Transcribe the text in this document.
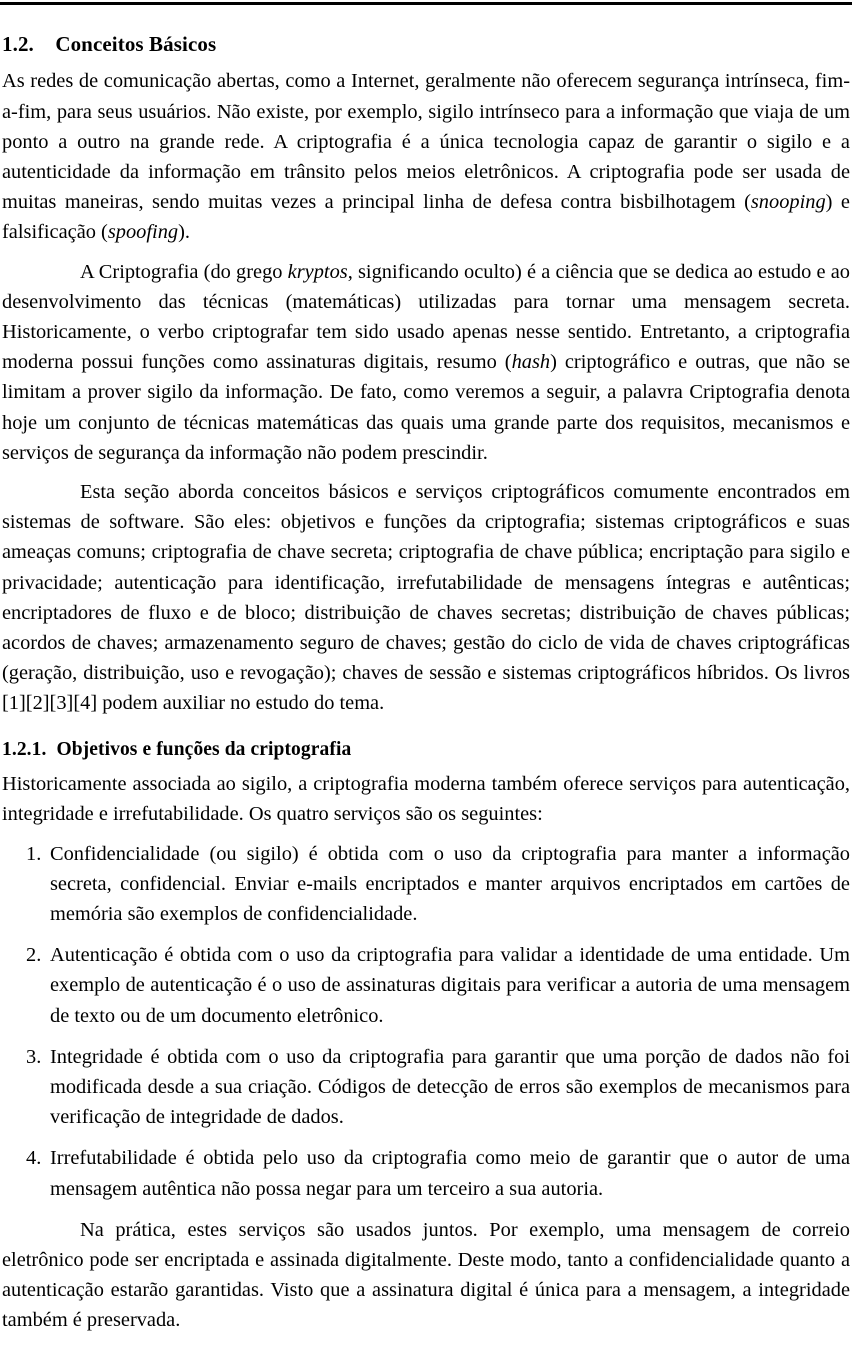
1.2. Conceitos Básicos

As redes de comunicação abertas, como a Internet, geralmente não oferecem segurança intrínseca, fim-a-fim, para seus usuários. Não existe, por exemplo, sigilo intrínseco para a informação que viaja de um ponto a outro na grande rede. A criptografia é a única tecnologia capaz de garantir o sigilo e a autenticidade da informação em trânsito pelos meios eletrônicos. A criptografia pode ser usada de muitas maneiras, sendo muitas vezes a principal linha de defesa contra bisbilhotagem (snooping) e falsificação (spoofing).

A Criptografia (do grego kryptos, significando oculto) é a ciência que se dedica ao estudo e ao desenvolvimento das técnicas (matemáticas) utilizadas para tornar uma mensagem secreta. Historicamente, o verbo criptografar tem sido usado apenas nesse sentido. Entretanto, a criptografia moderna possui funções como assinaturas digitais, resumo (hash) criptográfico e outras, que não se limitam a prover sigilo da informação. De fato, como veremos a seguir, a palavra Criptografia denota hoje um conjunto de técnicas matemáticas das quais uma grande parte dos requisitos, mecanismos e serviços de segurança da informação não podem prescindir.

Esta seção aborda conceitos básicos e serviços criptográficos comumente encontrados em sistemas de software. São eles: objetivos e funções da criptografia; sistemas criptográficos e suas ameaças comuns; criptografia de chave secreta; criptografia de chave pública; encriptação para sigilo e privacidade; autenticação para identificação, irrefutabilidade de mensagens íntegras e autênticas; encriptadores de fluxo e de bloco; distribuição de chaves secretas; distribuição de chaves públicas; acordos de chaves; armazenamento seguro de chaves; gestão do ciclo de vida de chaves criptográficas (geração, distribuição, uso e revogação); chaves de sessão e sistemas criptográficos híbridos. Os livros [1][2][3][4] podem auxiliar no estudo do tema.

1.2.1. Objetivos e funções da criptografia

Historicamente associada ao sigilo, a criptografia moderna também oferece serviços para autenticação, integridade e irrefutabilidade. Os quatro serviços são os seguintes:

1. Confidencialidade (ou sigilo) é obtida com o uso da criptografia para manter a informação secreta, confidencial. Enviar e-mails encriptados e manter arquivos encriptados em cartões de memória são exemplos de confidencialidade.
2. Autenticação é obtida com o uso da criptografia para validar a identidade de uma entidade. Um exemplo de autenticação é o uso de assinaturas digitais para verificar a autoria de uma mensagem de texto ou de um documento eletrônico.
3. Integridade é obtida com o uso da criptografia para garantir que uma porção de dados não foi modificada desde a sua criação. Códigos de detecção de erros são exemplos de mecanismos para verificação de integridade de dados.
4. Irrefutabilidade é obtida pelo uso da criptografia como meio de garantir que o autor de uma mensagem autêntica não possa negar para um terceiro a sua autoria.

Na prática, estes serviços são usados juntos. Por exemplo, uma mensagem de correio eletrônico pode ser encriptada e assinada digitalmente. Deste modo, tanto a confidencialidade quanto a autenticação estarão garantidas. Visto que a assinatura digital é única para a mensagem, a integridade também é preservada.
